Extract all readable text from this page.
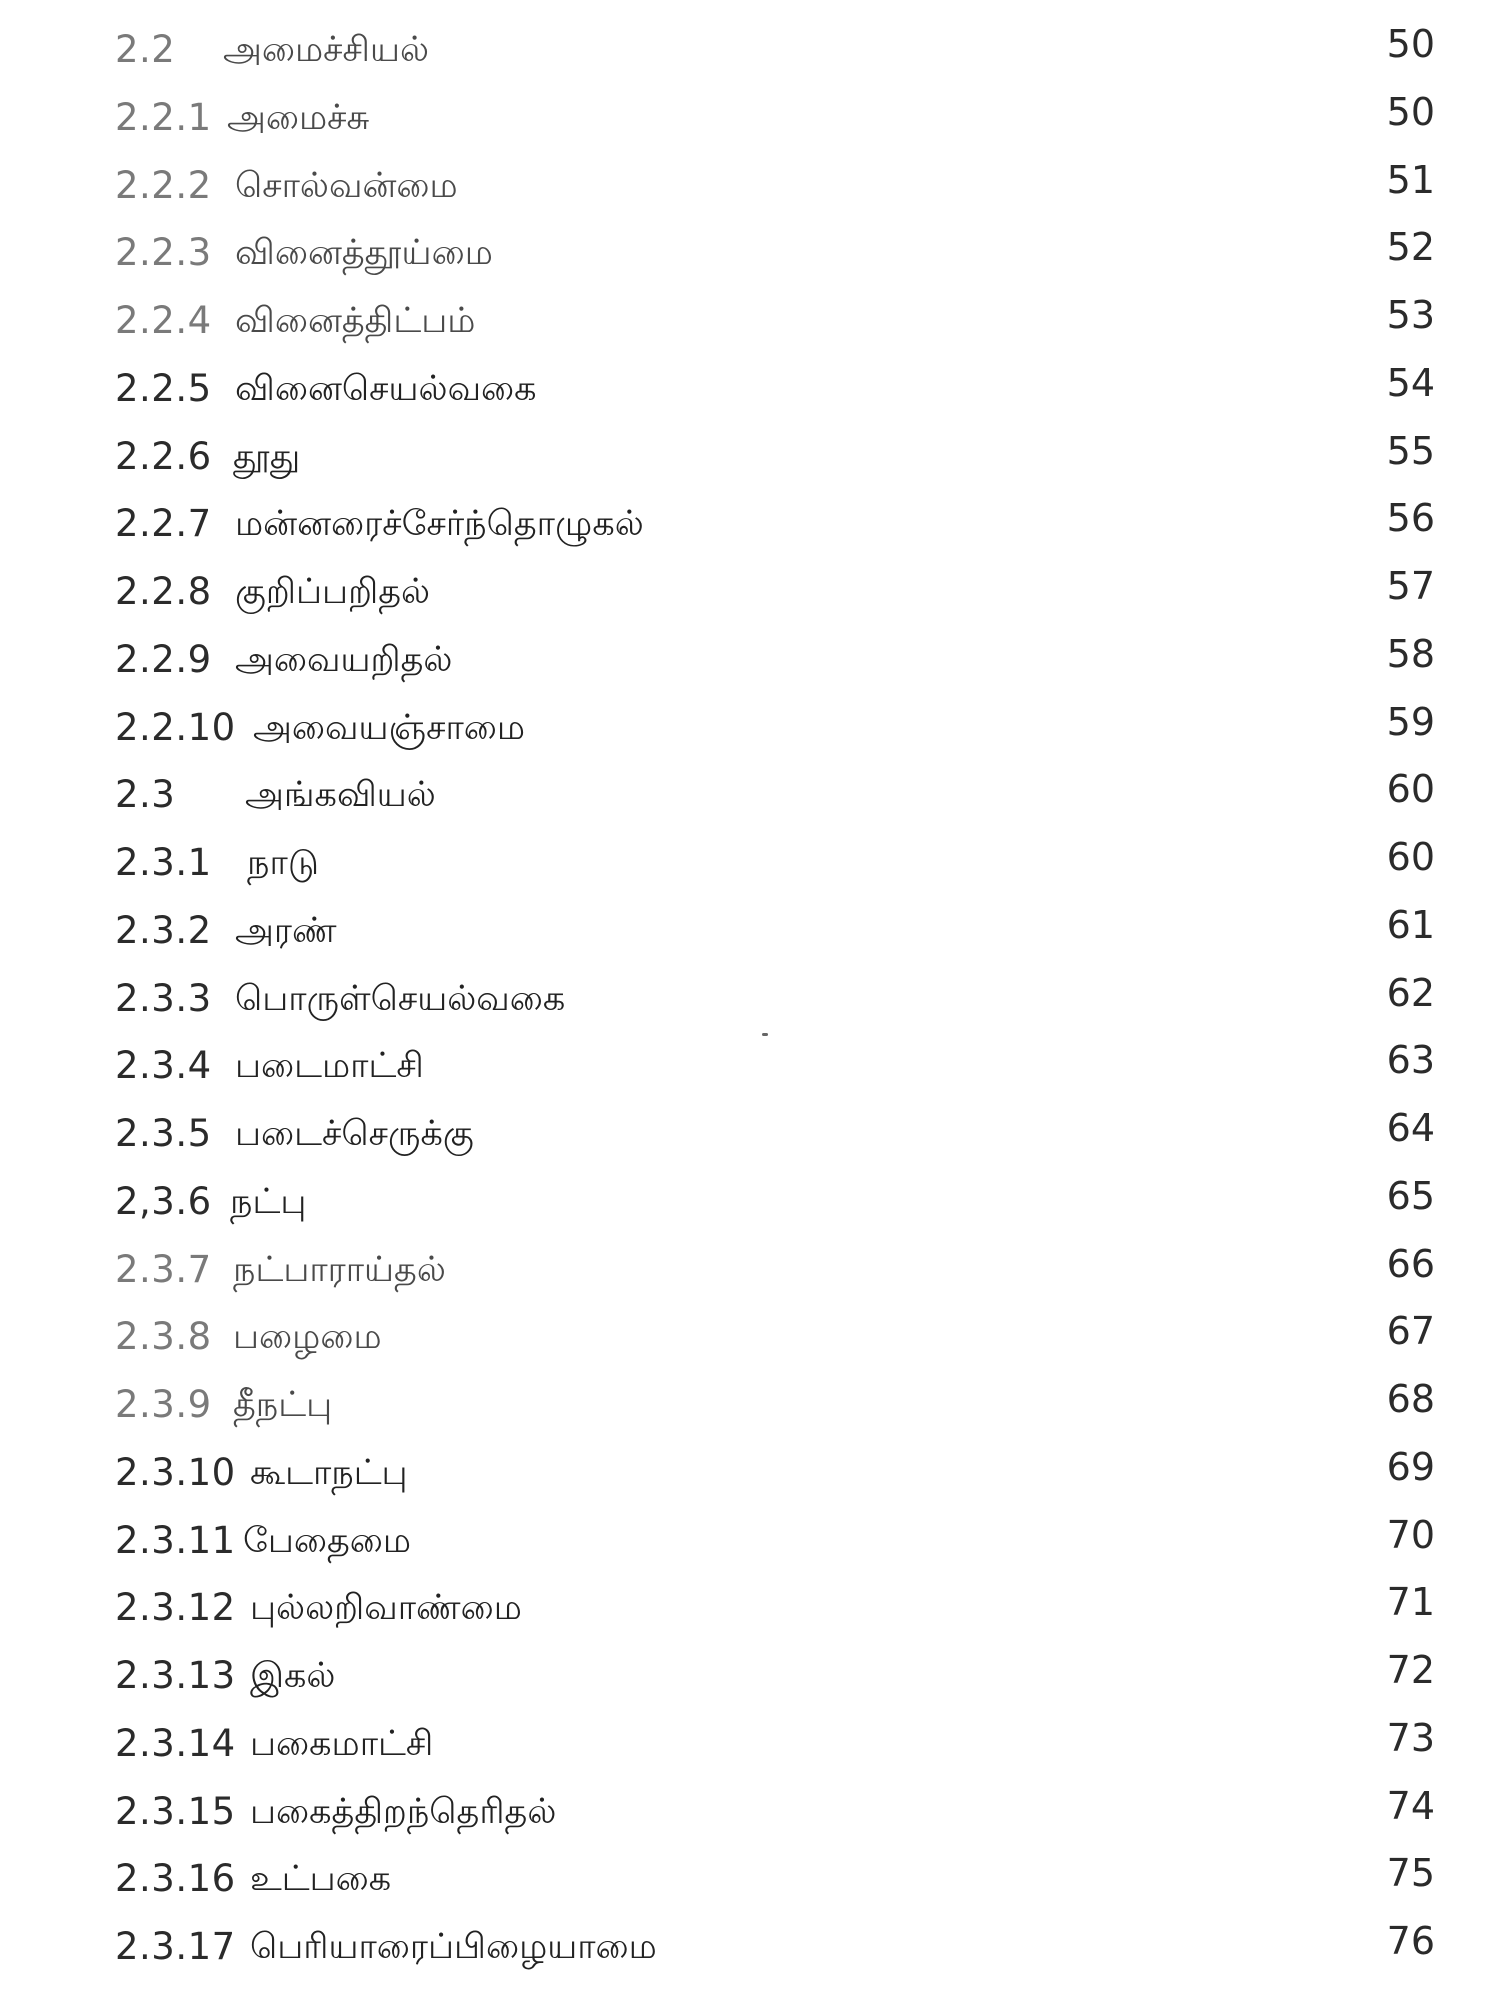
2.2 அமைச்சியல்	50
2.2.1 அமைச்சு	50
2.2.2 சொல்வன்மை	51
2.2.3 வினைத்தூய்மை	52
2.2.4 வினைத்திட்பம்	53
2.2.5 வினைசெயல்வகை	54
2.2.6 தூது	55
2.2.7 மன்னரைச்சேர்ந்தொழுகல்	56
2.2.8 குறிப்பறிதல்	57
2.2.9 அவையறிதல்	58
2.2.10 அவையஞ்சாமை	59
2.3 அங்கவியல்	60
2.3.1 நாடு	60
2.3.2 அரண்	61
2.3.3 பொருள்செயல்வகை	62
2.3.4 படைமாட்சி	63
2.3.5 படைச்செருக்கு	64
2,3.6 நட்பு	65
2.3.7 நட்பாராய்தல்	66
2.3.8 பழைமை	67
2.3.9 தீநட்பு	68
2.3.10 கூடாநட்பு	69
2.3.11 பேதைமை	70
2.3.12 புல்லறிவாண்மை	71
2.3.13 இகல்	72
2.3.14 பகைமாட்சி	73
2.3.15 பகைத்திறந்தெரிதல்	74
2.3.16 உட்பகை	75
2.3.17 பெரியாரைப்பிழையாமை	76
